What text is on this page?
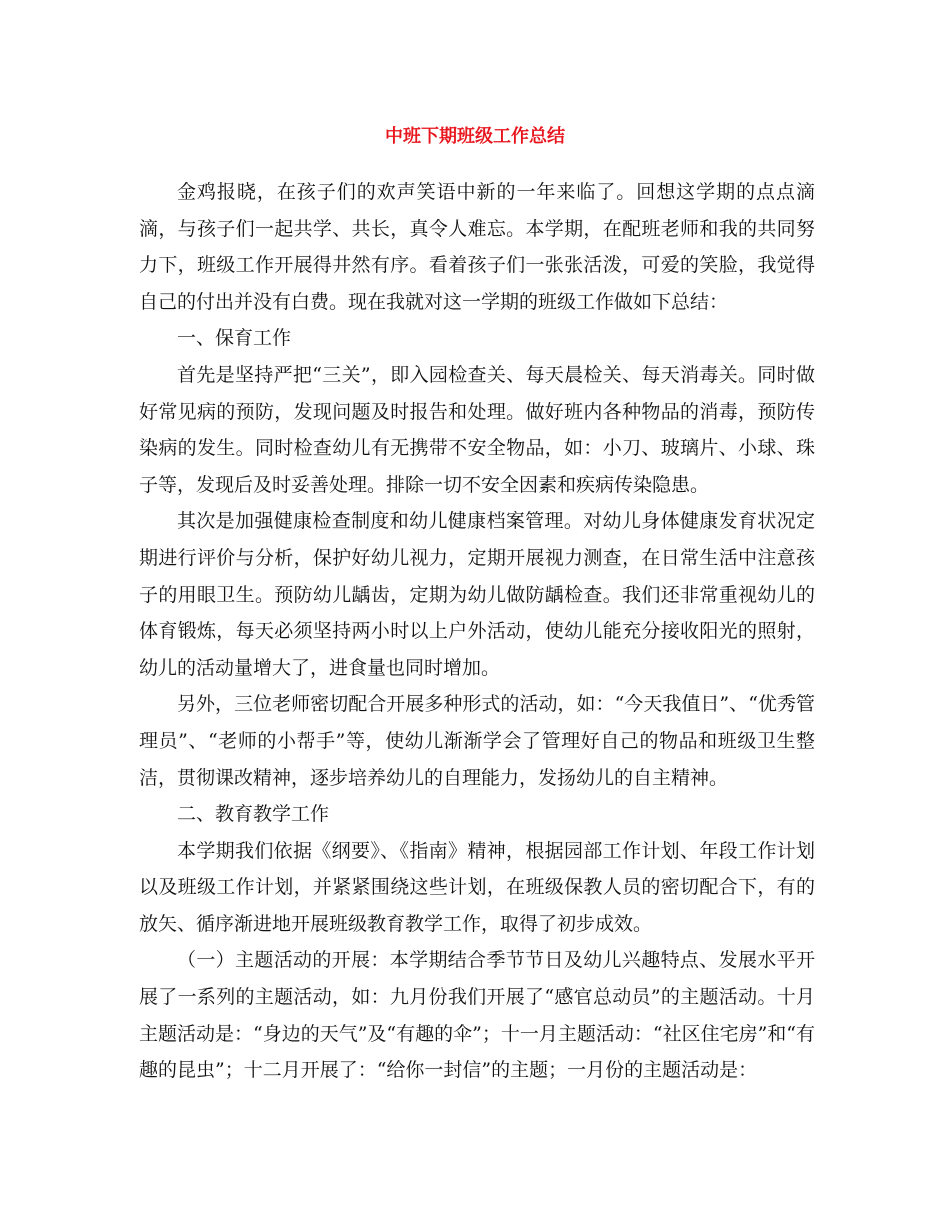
中班下期班级工作总结

金鸡报晓，在孩子们的欢声笑语中新的一年来临了。回想这学期的点点滴滴，与孩子们一起共学、共长，真令人难忘。本学期，在配班老师和我的共同努力下，班级工作开展得井然有序。看着孩子们一张张活泼，可爱的笑脸，我觉得自己的付出并没有白费。现在我就对这一学期的班级工作做如下总结：

一、保育工作

首先是坚持严把“三关”，即入园检查关、每天晨检关、每天消毒关。同时做好常见病的预防，发现问题及时报告和处理。做好班内各种物品的消毒，预防传染病的发生。同时检查幼儿有无携带不安全物品，如：小刀、玻璃片、小球、珠子等，发现后及时妥善处理。排除一切不安全因素和疾病传染隐患。

其次是加强健康检查制度和幼儿健康档案管理。对幼儿身体健康发育状况定期进行评价与分析，保护好幼儿视力，定期开展视力测查，在日常生活中注意孩子的用眼卫生。预防幼儿龋齿，定期为幼儿做防龋检查。我们还非常重视幼儿的体育锻炼，每天必须坚持两小时以上户外活动，使幼儿能充分接收阳光的照射，幼儿的活动量增大了，进食量也同时增加。

另外，三位老师密切配合开展多种形式的活动，如：“今天我值日”、“优秀管理员”、“老师的小帮手”等，使幼儿渐渐学会了管理好自己的物品和班级卫生整洁，贯彻课改精神，逐步培养幼儿的自理能力，发扬幼儿的自主精神。

二、教育教学工作

本学期我们依据《纲要》、《指南》精神，根据园部工作计划、年段工作计划以及班级工作计划，并紧紧围绕这些计划，在班级保教人员的密切配合下，有的放矢、循序渐进地开展班级教育教学工作，取得了初步成效。

（一）主题活动的开展：本学期结合季节节日及幼儿兴趣特点、发展水平开展了一系列的主题活动，如：九月份我们开展了“感官总动员”的主题活动。十月主题活动是：“身边的天气”及“有趣的伞”；十一月主题活动：“社区住宅房”和“有趣的昆虫”；十二月开展了：“给你一封信”的主题；一月份的主题活动是：
